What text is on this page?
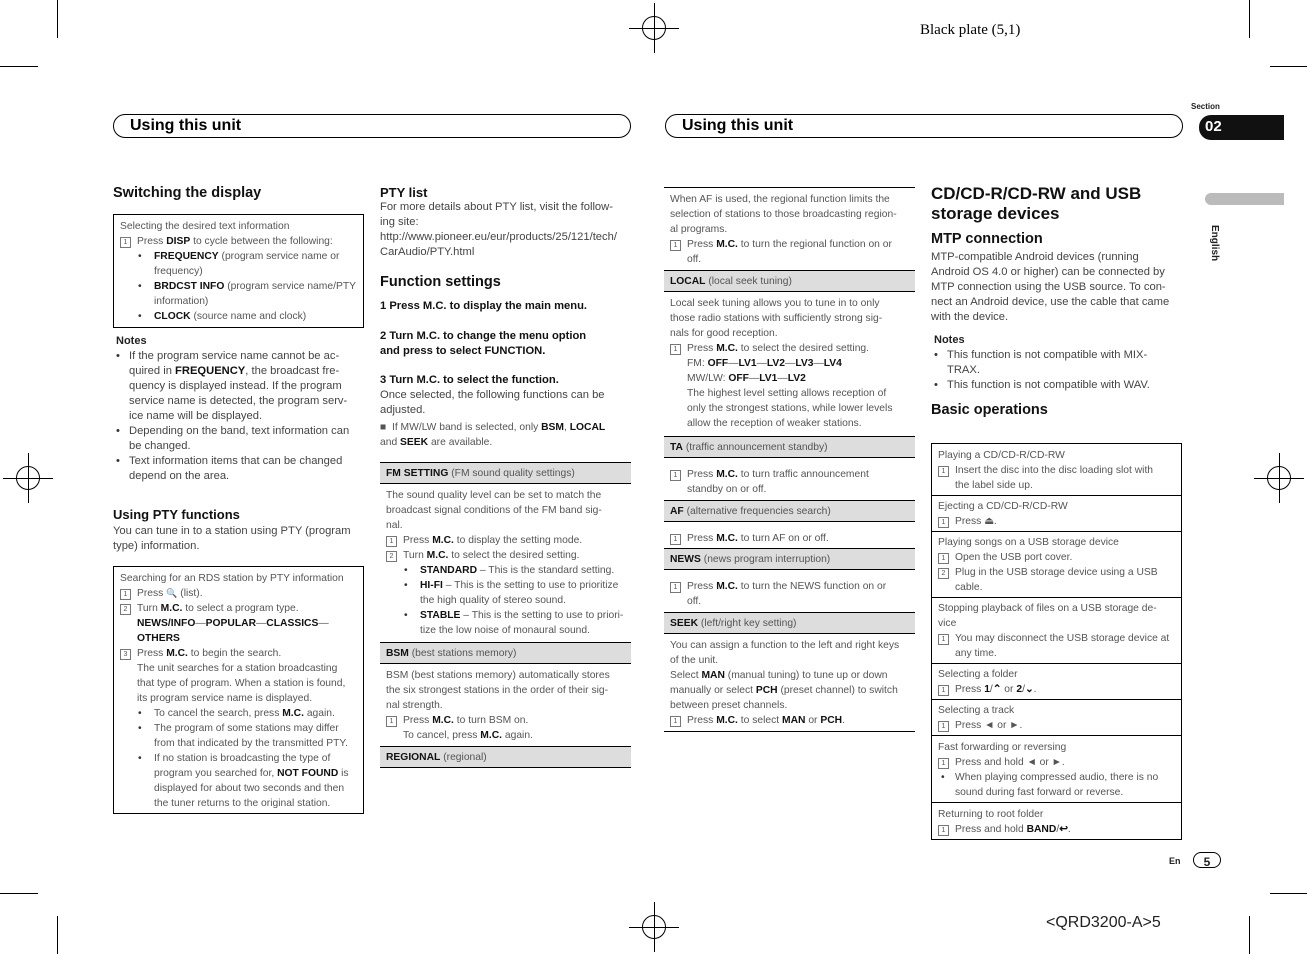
Black plate (5,1)
Using this unit	Using this unit
Section
02
English
Switching the display
Selecting the desired text information
1 Press DISP to cycle between the following:
• FREQUENCY (program service name or
frequency)
• BRDCST INFO (program service name/PTY
information)
• CLOCK (source name and clock)
Notes
• If the program service name cannot be ac-
quired in FREQUENCY, the broadcast fre-
quency is displayed instead. If the program
service name is detected, the program serv-
ice name will be displayed.
• Depending on the band, text information can
be changed.
• Text information items that can be changed
depend on the area.
Using PTY functions
You can tune in to a station using PTY (program
type) information.
Searching for an RDS station by PTY information
1 Press 🔍 (list).
2 Turn M.C. to select a program type.
NEWS/INFO—POPULAR—CLASSICS—
OTHERS
3 Press M.C. to begin the search.
The unit searches for a station broadcasting
that type of program. When a station is found,
its program service name is displayed.
• To cancel the search, press M.C. again.
• The program of some stations may differ
from that indicated by the transmitted PTY.
• If no station is broadcasting the type of
program you searched for, NOT FOUND is
displayed for about two seconds and then
the tuner returns to the original station.
PTY list
For more details about PTY list, visit the follow-
ing site:
http://www.pioneer.eu/eur/products/25/121/tech/
CarAudio/PTY.html
Function settings
1 Press M.C. to display the main menu.
2 Turn M.C. to change the menu option
and press to select FUNCTION.
3 Turn M.C. to select the function.
Once selected, the following functions can be
adjusted.
■  If MW/LW band is selected, only BSM, LOCAL
and SEEK are available.
FM SETTING (FM sound quality settings)
The sound quality level can be set to match the
broadcast signal conditions of the FM band sig-
nal.
1 Press M.C. to display the setting mode.
2 Turn M.C. to select the desired setting.
• STANDARD – This is the standard setting.
• HI-FI – This is the setting to use to prioritize
the high quality of stereo sound.
• STABLE – This is the setting to use to priori-
tize the low noise of monaural sound.
BSM (best stations memory)
BSM (best stations memory) automatically stores
the six strongest stations in the order of their sig-
nal strength.
1 Press M.C. to turn BSM on.
To cancel, press M.C. again.
REGIONAL (regional)
When AF is used, the regional function limits the
selection of stations to those broadcasting region-
al programs.
1 Press M.C. to turn the regional function on or
off.
LOCAL (local seek tuning)
Local seek tuning allows you to tune in to only
those radio stations with sufficiently strong sig-
nals for good reception.
1 Press M.C. to select the desired setting.
FM: OFF—LV1—LV2—LV3—LV4
MW/LW: OFF—LV1—LV2
The highest level setting allows reception of
only the strongest stations, while lower levels
allow the reception of weaker stations.
TA (traffic announcement standby)
1 Press M.C. to turn traffic announcement
standby on or off.
AF (alternative frequencies search)
1 Press M.C. to turn AF on or off.
NEWS (news program interruption)
1 Press M.C. to turn the NEWS function on or
off.
SEEK (left/right key setting)
You can assign a function to the left and right keys
of the unit.
Select MAN (manual tuning) to tune up or down
manually or select PCH (preset channel) to switch
between preset channels.
1 Press M.C. to select MAN or PCH.
CD/CD-R/CD-RW and USB
storage devices
MTP connection
MTP-compatible Android devices (running
Android OS 4.0 or higher) can be connected by
MTP connection using the USB source. To con-
nect an Android device, use the cable that came
with the device.
Notes
• This function is not compatible with MIX-
TRAX.
• This function is not compatible with WAV.
Basic operations
Playing a CD/CD-R/CD-RW
1 Insert the disc into the disc loading slot with
the label side up.
Ejecting a CD/CD-R/CD-RW
1 Press ⏏.
Playing songs on a USB storage device
1 Open the USB port cover.
2 Plug in the USB storage device using a USB
cable.
Stopping playback of files on a USB storage de-
vice
1 You may disconnect the USB storage device at
any time.
Selecting a folder
1 Press 1/⌃ or 2/⌄.
Selecting a track
1 Press ◄ or ►.
Fast forwarding or reversing
1 Press and hold ◄ or ►.
• When playing compressed audio, there is no
sound during fast forward or reverse.
Returning to root folder
1 Press and hold BAND/↩.
En	5
<QRD3200-A>5
